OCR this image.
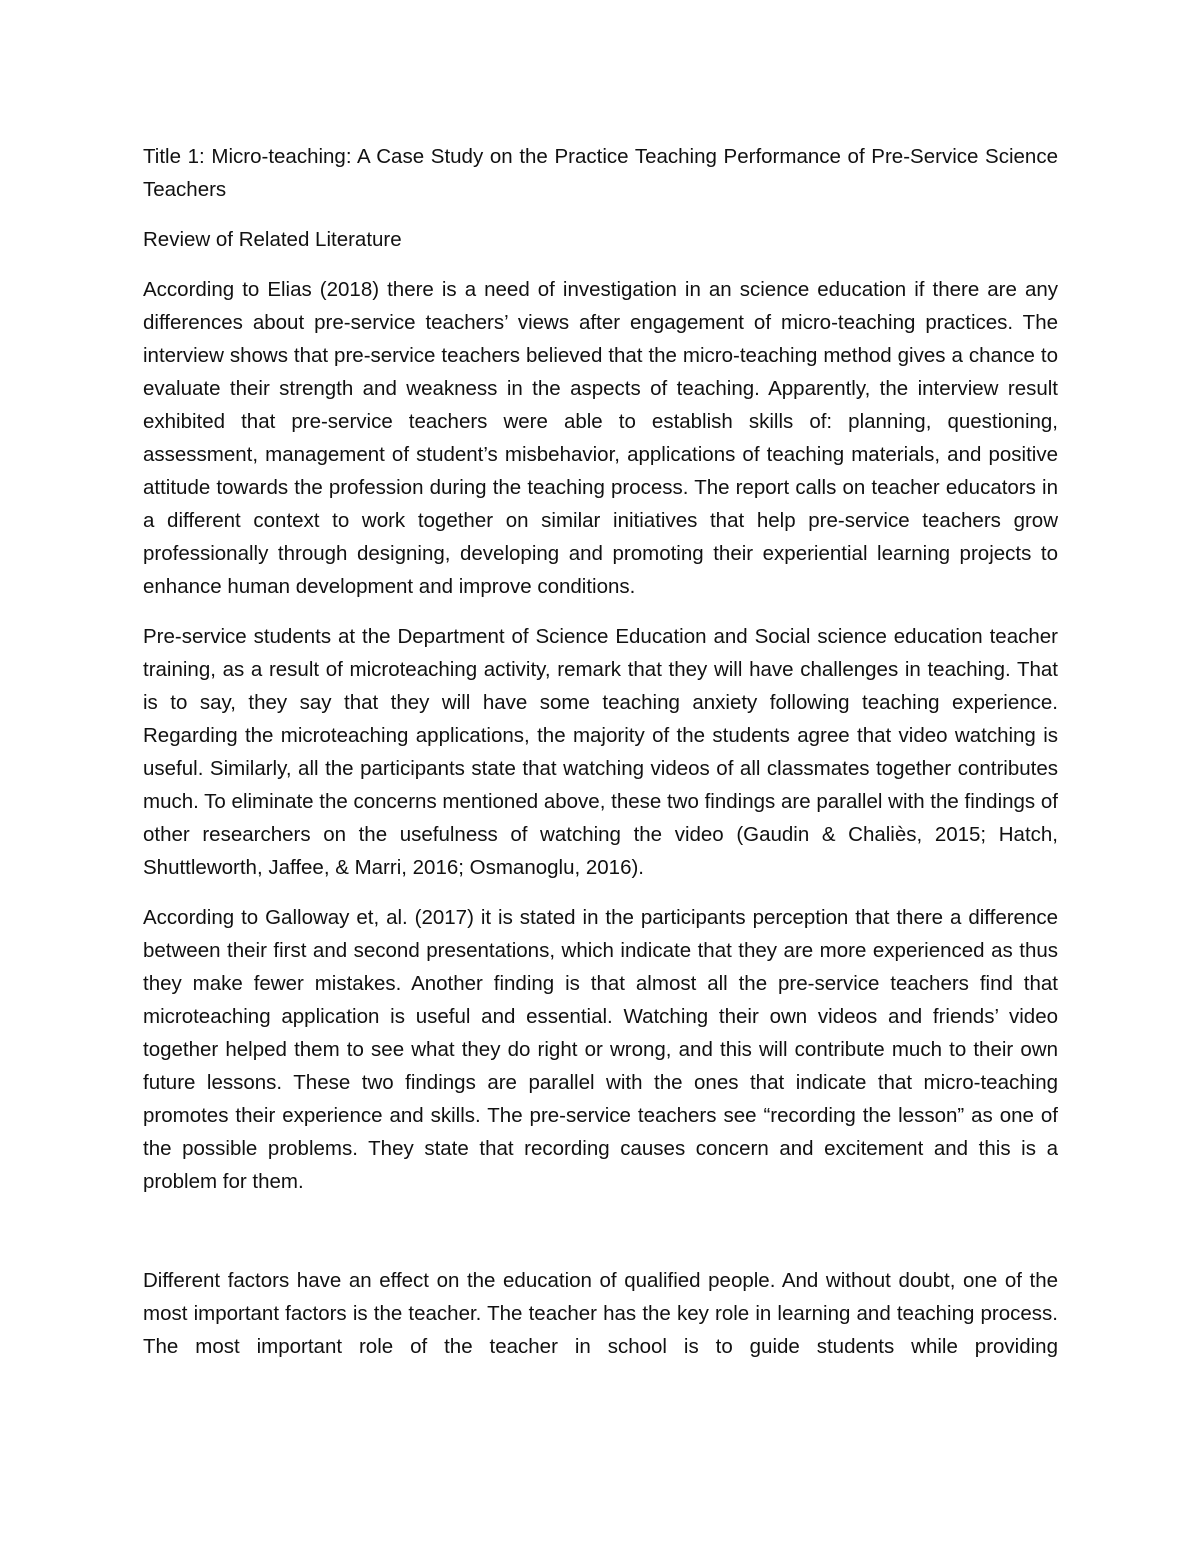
Title 1: Micro-teaching: A Case Study on the Practice Teaching Performance of Pre-Service Science Teachers

Review of Related Literature

According to Elias (2018) there is a need of investigation in an science education if there are any differences about pre-service teachers’ views after engagement of micro-teaching practices. The interview shows that pre-service teachers believed that the micro-teaching method gives a chance to evaluate their strength and weakness in the aspects of teaching. Apparently, the interview result exhibited that pre-service teachers were able to establish skills of: planning, questioning, assessment, management of student’s misbehavior, applications of teaching materials, and positive attitude towards the profession during the teaching process. The report calls on teacher educators in a different context to work together on similar initiatives that help pre-service teachers grow professionally through designing, developing and promoting their experiential learning projects to enhance human development and improve conditions.

Pre-service students at the Department of Science Education and Social science education teacher training, as a result of microteaching activity, remark that they will have challenges in teaching. That is to say, they say that they will have some teaching anxiety following teaching experience. Regarding the microteaching applications, the majority of the students agree that video watching is useful. Similarly, all the participants state that watching videos of all classmates together contributes much. To eliminate the concerns mentioned above, these two findings are parallel with the findings of other researchers on the usefulness of watching the video (Gaudin & Chaliès, 2015; Hatch, Shuttleworth, Jaffee, & Marri, 2016; Osmanoglu, 2016).

According to Galloway et, al. (2017) it is stated in the participants perception that there a difference between their first and second presentations, which indicate that they are more experienced as thus they make fewer mistakes. Another finding is that almost all the pre-service teachers find that microteaching application is useful and essential. Watching their own videos and friends’ video together helped them to see what they do right or wrong, and this will contribute much to their own future lessons. These two findings are parallel with the ones that indicate that micro-teaching promotes their experience and skills. The pre-service teachers see “recording the lesson” as one of the possible problems. They state that recording causes concern and excitement and this is a problem for them.

Different factors have an effect on the education of qualified people. And without doubt, one of the most important factors is the teacher. The teacher has the key role in learning and teaching process. The most important role of the teacher in school is to guide students while providing
